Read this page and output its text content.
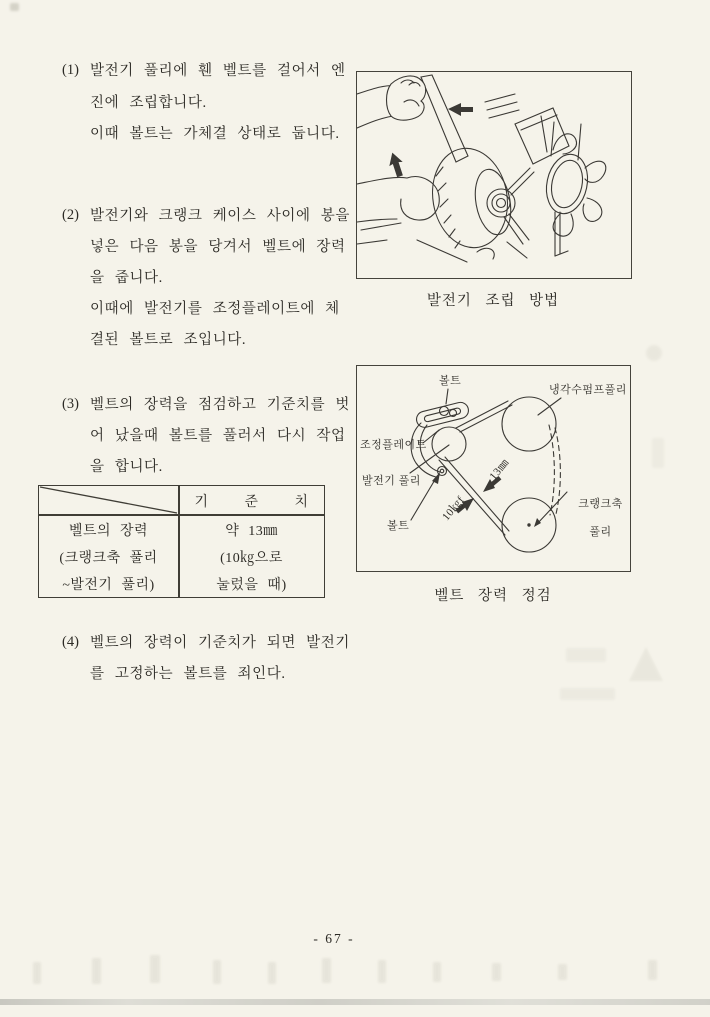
(1) 발전기 풀리에 휀 벨트를 걸어서 엔
진에 조립합니다.
이때 볼트는 가체결 상태로 둡니다.
(2) 발전기와 크랭크 케이스 사이에 봉을
넣은 다음 봉을 당겨서 벨트에 장력
을 줍니다.
이때에 발전기를 조정플레이트에 체
결된 볼트로 조입니다.
(3) 벨트의 장력을 점검하고 기준치를 벗
어 났을때 볼트를 풀러서 다시 작업
을 합니다.
(4) 벨트의 장력이 기준치가 되면 발전기
를 고정하는 볼트를 죄인다.
기  준  치
벨트의 장력
(크랭크축 풀리
~발전기 풀리)
약 13㎜
(10㎏으로
눌렀을 때)
발전기 조립 방법
볼트
냉각수펌프풀리
조정플레이트
발전기 풀리
볼트
13㎜
10㎏f	크랭크축

풀리

벨트 장력 정검
- 67 -
